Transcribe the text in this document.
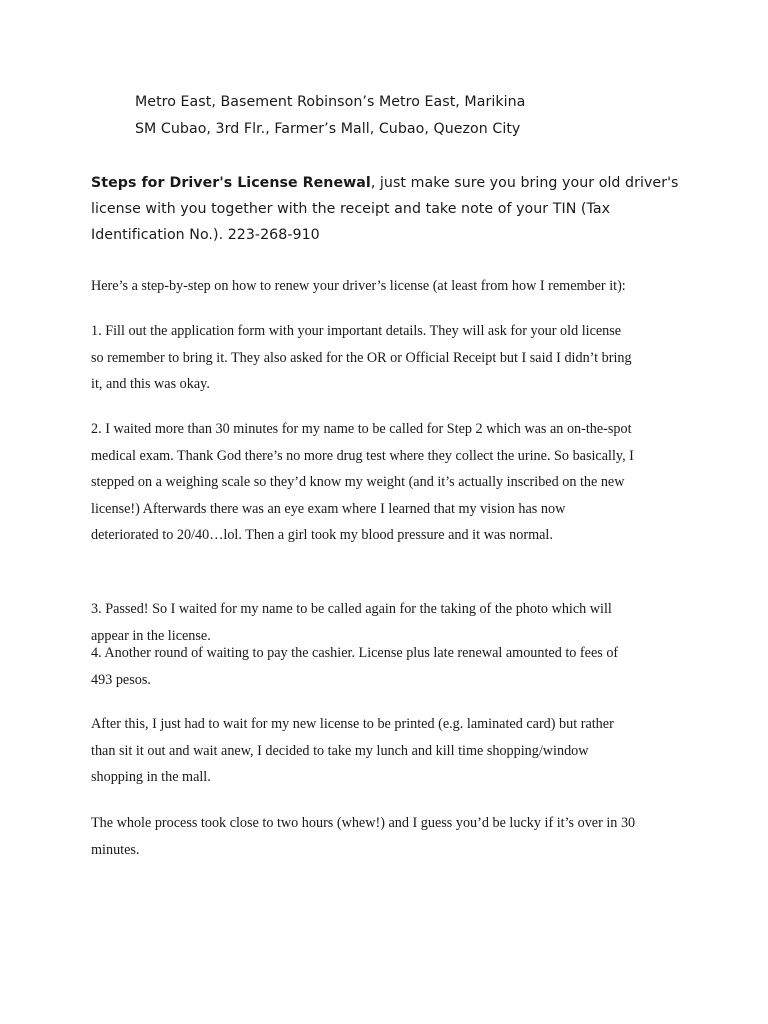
Metro East, Basement Robinson’s Metro East, Marikina

SM Cubao, 3rd Flr., Farmer’s Mall, Cubao, Quezon City

Steps for Driver's License Renewal, just make sure you bring your old driver's
license with you together with the receipt and take note of your TIN (Tax
Identification No.). 223-268-910

Here’s a step-by-step on how to renew your driver’s license (at least from how I remember it):

1. Fill out the application form with your important details. They will ask for your old license
so remember to bring it. They also asked for the OR or Official Receipt but I said I didn’t bring
it, and this was okay.

2. I waited more than 30 minutes for my name to be called for Step 2 which was an on-the-spot
medical exam. Thank God there’s no more drug test where they collect the urine. So basically, I
stepped on a weighing scale so they’d know my weight (and it’s actually inscribed on the new
license!) Afterwards there was an eye exam where I learned that my vision has now
deteriorated to 20/40…lol. Then a girl took my blood pressure and it was normal.

3. Passed! So I waited for my name to be called again for the taking of the photo which will
appear in the license.

4. Another round of waiting to pay the cashier. License plus late renewal amounted to fees of
493 pesos.

After this, I just had to wait for my new license to be printed (e.g. laminated card) but rather
than sit it out and wait anew, I decided to take my lunch and kill time shopping/window
shopping in the mall.

The whole process took close to two hours (whew!) and I guess you’d be lucky if it’s over in 30
minutes.
